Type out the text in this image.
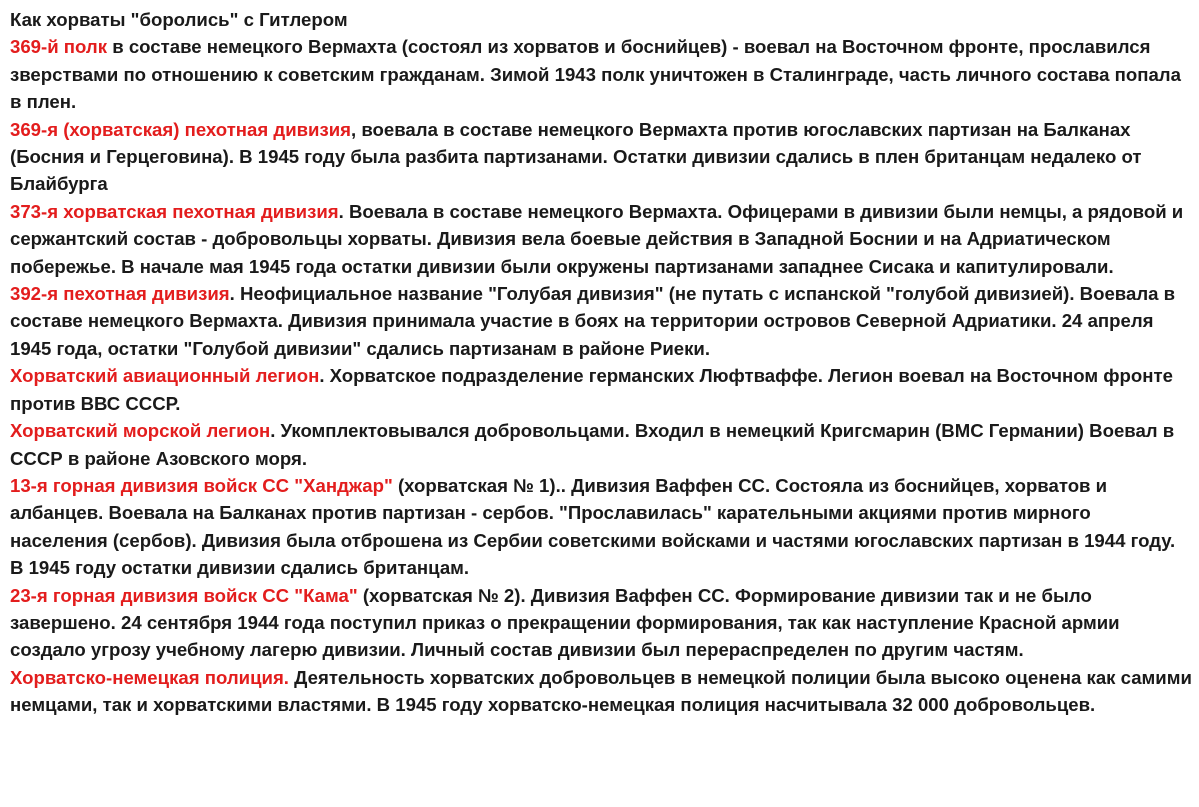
Как хорваты "боролись" с Гитлером

369-й полк в составе немецкого Вермахта (состоял из хорватов и боснийцев) - воевал на Восточном фронте, прославился зверствами по отношению к советским гражданам. Зимой 1943 полк уничтожен в Сталинграде, часть личного состава попала в плен.

369-я (хорватская) пехотная дивизия, воевала в составе немецкого Вермахта против югославских партизан на Балканах (Босния и Герцеговина). В 1945 году была разбита партизанами. Остатки дивизии сдались в плен британцам недалеко от Блайбурга

373-я хорватская пехотная дивизия. Воевала в составе немецкого Вермахта. Офицерами в дивизии были немцы, а рядовой и сержантский состав - добровольцы хорваты. Дивизия вела боевые действия в Западной Боснии и на Адриатическом побережье. В начале мая 1945 года остатки дивизии были окружены партизанами западнее Сисака и капитулировали.

392-я пехотная дивизия. Неофициальное название "Голубая дивизия" (не путать с испанской "голубой дивизией). Воевала в составе немецкого Вермахта. Дивизия принимала участие в боях на территории островов Северной Адриатики. 24 апреля 1945 года, остатки "Голубой дивизии" сдались партизанам в районе Риеки.

Хорватский авиационный легион. Хорватское подразделение германских Люфтваффе. Легион воевал на Восточном фронте против ВВС СССР.

Хорватский морской легион. Укомплектовывался добровольцами. Входил в немецкий Кригсмарин (ВМС Германии) Воевал в СССР в районе Азовского моря.

13-я горная дивизия войск СС "Ханджар" (хорватская № 1).. Дивизия Ваффен СС. Состояла из боснийцев, хорватов и албанцев. Воевала на Балканах против партизан - сербов. "Прославилась" карательными акциями против мирного населения (сербов). Дивизия была отброшена из Сербии советскими войсками и частями югославских партизан в 1944 году. В 1945 году остатки дивизии сдались британцам.

23-я горная дивизия войск СС "Кама" (хорватская № 2). Дивизия Ваффен СС. Формирование дивизии так и не было завершено. 24 сентября 1944 года поступил приказ о прекращении формирования, так как наступление Красной армии создало угрозу учебному лагерю дивизии. Личный состав дивизии был перераспределен по другим частям.

Хорватско-немецкая полиция. Деятельность хорватских добровольцев в немецкой полиции была высоко оценена как самими немцами, так и хорватскими властями. В 1945 году хорватско-немецкая полиция насчитывала 32 000 добровольцев.
